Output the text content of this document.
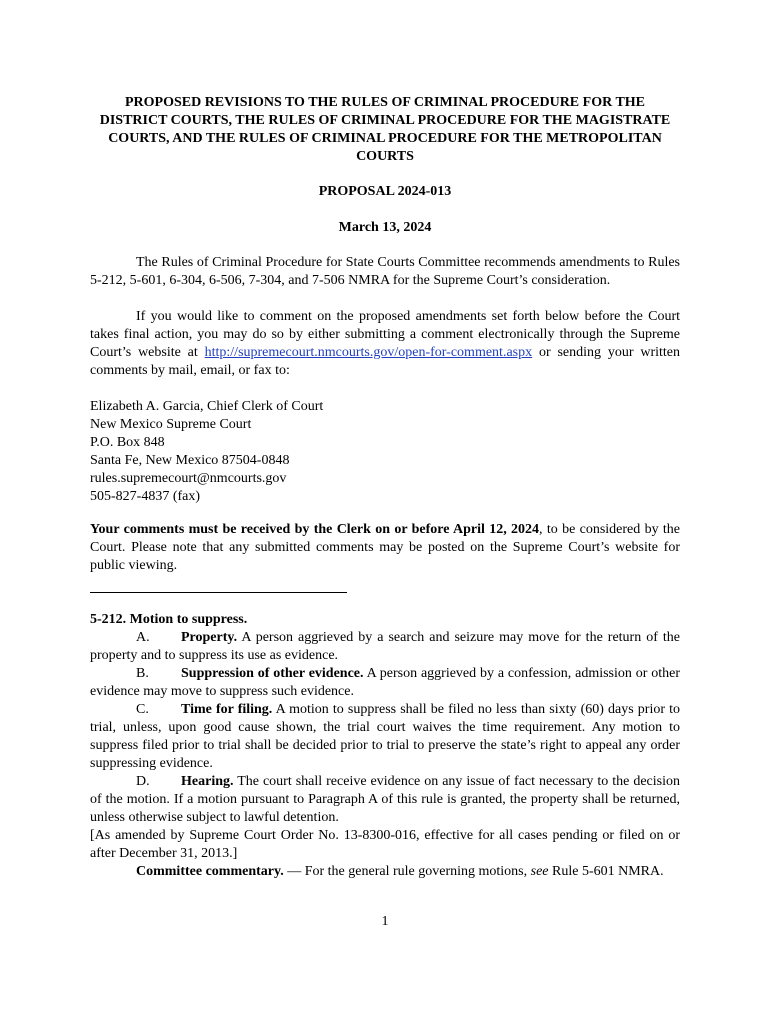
PROPOSED REVISIONS TO THE RULES OF CRIMINAL PROCEDURE FOR THE DISTRICT COURTS, THE RULES OF CRIMINAL PROCEDURE FOR THE MAGISTRATE COURTS, AND THE RULES OF CRIMINAL PROCEDURE FOR THE METROPOLITAN COURTS
PROPOSAL 2024-013
March 13, 2024
The Rules of Criminal Procedure for State Courts Committee recommends amendments to Rules 5-212, 5-601, 6-304, 6-506, 7-304, and 7-506 NMRA for the Supreme Court’s consideration.
If you would like to comment on the proposed amendments set forth below before the Court takes final action, you may do so by either submitting a comment electronically through the Supreme Court’s website at http://supremecourt.nmcourts.gov/open-for-comment.aspx or sending your written comments by mail, email, or fax to:
Elizabeth A. Garcia, Chief Clerk of Court
New Mexico Supreme Court
P.O. Box 848
Santa Fe, New Mexico 87504-0848
rules.supremecourt@nmcourts.gov
505-827-4837 (fax)
Your comments must be received by the Clerk on or before April 12, 2024, to be considered by the Court. Please note that any submitted comments may be posted on the Supreme Court’s website for public viewing.
5-212. Motion to suppress.
A. Property. A person aggrieved by a search and seizure may move for the return of the property and to suppress its use as evidence.
B. Suppression of other evidence. A person aggrieved by a confession, admission or other evidence may move to suppress such evidence.
C. Time for filing. A motion to suppress shall be filed no less than sixty (60) days prior to trial, unless, upon good cause shown, the trial court waives the time requirement. Any motion to suppress filed prior to trial shall be decided prior to trial to preserve the state’s right to appeal any order suppressing evidence.
D. Hearing. The court shall receive evidence on any issue of fact necessary to the decision of the motion. If a motion pursuant to Paragraph A of this rule is granted, the property shall be returned, unless otherwise subject to lawful detention.
[As amended by Supreme Court Order No. 13-8300-016, effective for all cases pending or filed on or after December 31, 2013.]
Committee commentary. — For the general rule governing motions, see Rule 5-601 NMRA.
1
